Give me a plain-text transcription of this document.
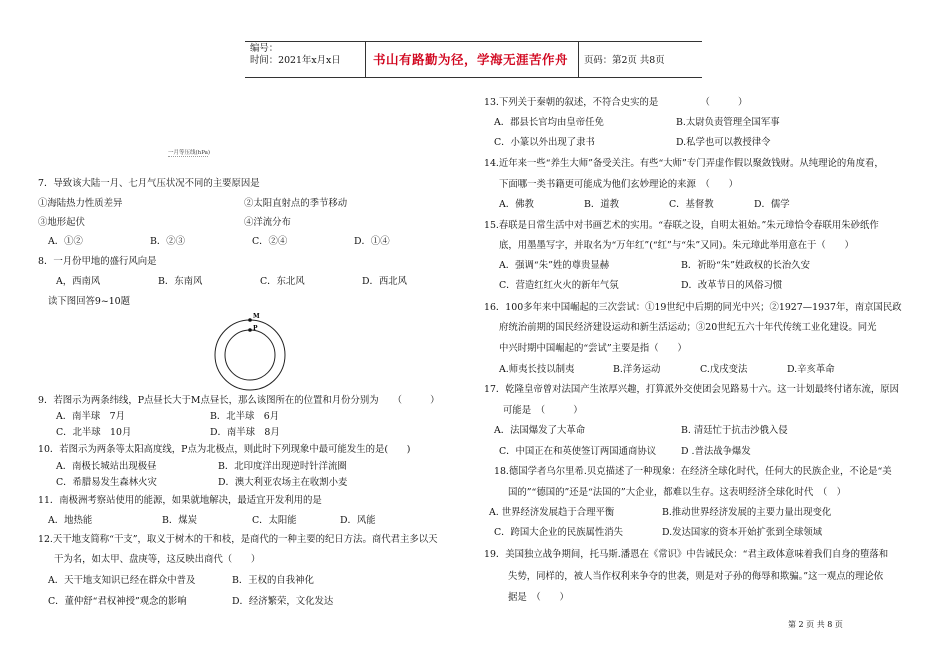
编号：
时间：2021年x月x日	书山有路勤为径，学海无涯苦作舟 页码：第2页 共8页
一月等压线(hPa)
7．导致该大陆一月、七月气压状况不同的主要原因是
①海陆热力性质差异	②太阳直射点的季节移动
③地形起伏	④洋流分布
A．①②	B．②③	C．②④	D．①④
8．一月份甲地的盛行风向是
A，西南风	B．东南风	C．东北风	D．西北风
读下图回答9~10题
M
P
9．若图示为两条纬线，P点昼长大于M点昼长，那么该图所在的位置和月份分别为　　（　　　）
A．南半球　7月	B．北半球　6月
C．北半球　10月	D．南半球　8月
10．若图示为两条等太阳高度线，P点为北极点，则此时下列现象中最可能发生的是(　　)
A．南极长城站出现极昼	B．北印度洋出现逆时针洋流圈
C．希腊易发生森林火灾	D．澳大利亚农场主在收割小麦
11．南极洲考察站使用的能源，如果就地解决，最适宜开发利用的是
A．地热能	B．煤炭	C．太阳能	D．风能
12.天干地支简称“干支”，取义于树木的干和枝，是商代的一种主要的纪日方法。商代君主多以天
干为名，如太甲、盘庚等，这反映出商代（　　）
A．天干地支知识已经在群众中普及	B．王权的自我神化
C．董仲舒“君权神授”观念的影响	D．经济繁荣，文化发达
13.下列关于秦朝的叙述，不符合史实的是　　　　　（　　　）
A．郡县长官均由皇帝任免	B.太尉负责管理全国军事
C．小篆以外出现了隶书	D.私学也可以教授律令
14.近年来一些“养生大师”备受关注。有些“大师”专门弄虚作假以聚敛钱财。从纯理论的角度看，
下面哪一类书籍更可能成为他们玄妙理论的来源　（　　）
A．佛教	B．道教	C．基督教	D．儒学
15.春联是日常生活中对书画艺术的实用。“春联之设，自明太祖始。”朱元璋恰令春联用朱砂纸作
底，用墨墨写字，并取名为“万年红”(“红”与“朱”又同)。朱元璋此举用意在于（　　）
A．强调“朱”姓的尊贵显赫	B．祈盼“朱”姓政权的长治久安
C．营造红红火火的新年气氛	D．改革节日的风俗习惯
16．100多年来中国崛起的三次尝试：①19世纪中后期的同光中兴；②1927—1937年，南京国民政
府统治前期的国民经济建设运动和新生活运动；③20世纪五六十年代传统工业化建设。同光
中兴时期中国崛起的“尝试”主要是指（　　）
A.师夷长技以制夷	B.洋务运动	C.戊戌变法	D.辛亥革命
17．乾隆皇帝曾对法国产生浓厚兴趣，打算派外交使团会见路易十六。这一计划最终付诸东流，原因
可能是　（　　　）
A．法国爆发了大革命	B. 清廷忙于抗击沙俄入侵
C．中国正在和英使签订两国通商协议	D .普法战争爆发
18.德国学者乌尔里希.贝克描述了一种现象：在经济全球化时代，任何大的民族企业，不论是“美
国的”“德国的”还是“法国的”大企业，都难以生存。这表明经济全球化时代　（　）
A. 世界经济发展趋于合理平衡	B.推动世界经济发展的主要力量出现变化
C．跨国大企业的民族属性消失	D.发达国家的资本开始扩张到全球领域
19．美国独立战争期间，托马斯.潘恩在《常识》中告诫民众：“君主政体意味着我们自身的堕落和
失势，同样的，被人当作权利来争夺的世袭，则是对子孙的侮辱和欺骗。”这一观点的理论依
据是　（　　）
第 2 页 共 8 页
